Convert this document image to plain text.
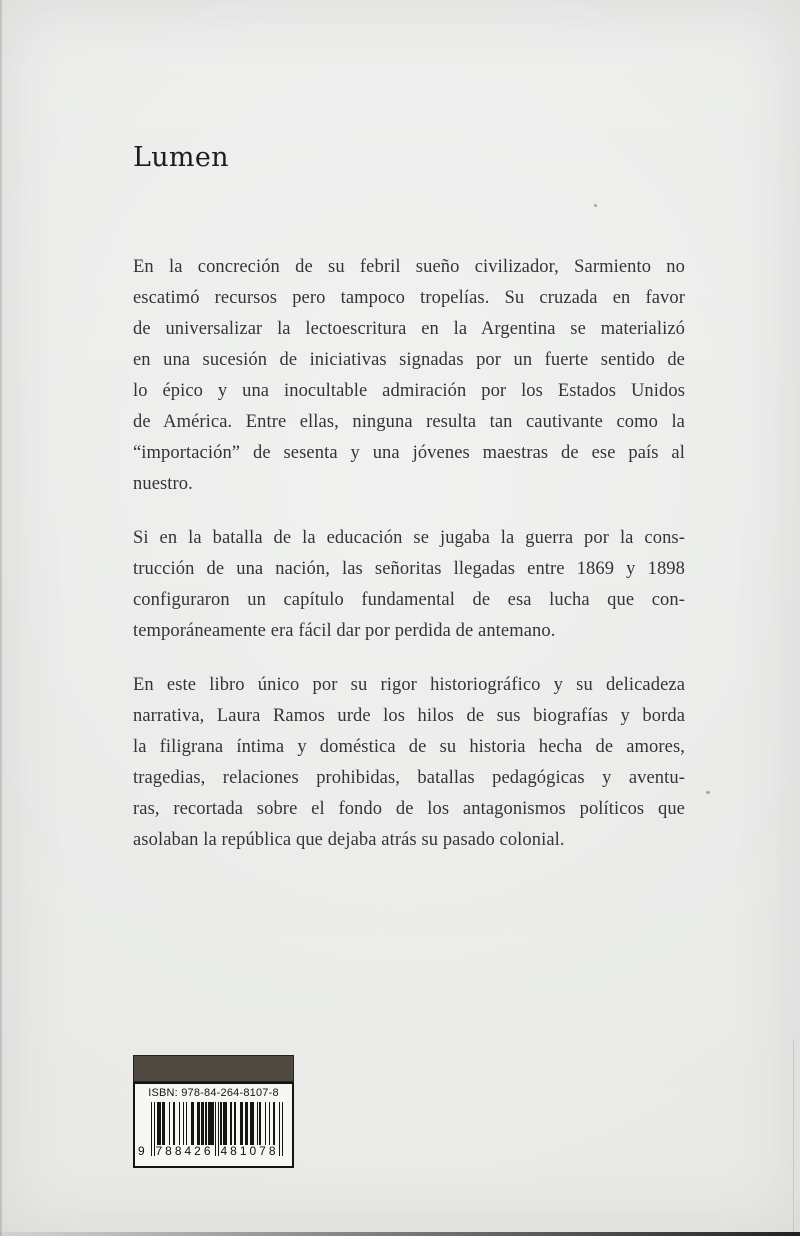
Lumen
En la concreción de su febril sueño civilizador, Sarmiento no
escatimó recursos pero tampoco tropelías. Su cruzada en favor
de universalizar la lectoescritura en la Argentina se materializó
en una sucesión de iniciativas signadas por un fuerte sentido de
lo épico y una inocultable admiración por los Estados Unidos
de América. Entre ellas, ninguna resulta tan cautivante como la
“importación” de sesenta y una jóvenes maestras de ese país al
nuestro.
Si en la batalla de la educación se jugaba la guerra por la cons-
trucción de una nación, las señoritas llegadas entre 1869 y 1898
configuraron un capítulo fundamental de esa lucha que con-
temporáneamente era fácil dar por perdida de antemano.
En este libro único por su rigor historiográfico y su delicadeza
narrativa, Laura Ramos urde los hilos de sus biografías y borda
la filigrana íntima y doméstica de su historia hecha de amores,
tragedias, relaciones prohibidas, batallas pedagógicas y aventu-
ras, recortada sobre el fondo de los antagonismos políticos que
asolaban la república que dejaba atrás su pasado colonial.
ISBN: 978-84-264-8107-8
9 788426 481078
